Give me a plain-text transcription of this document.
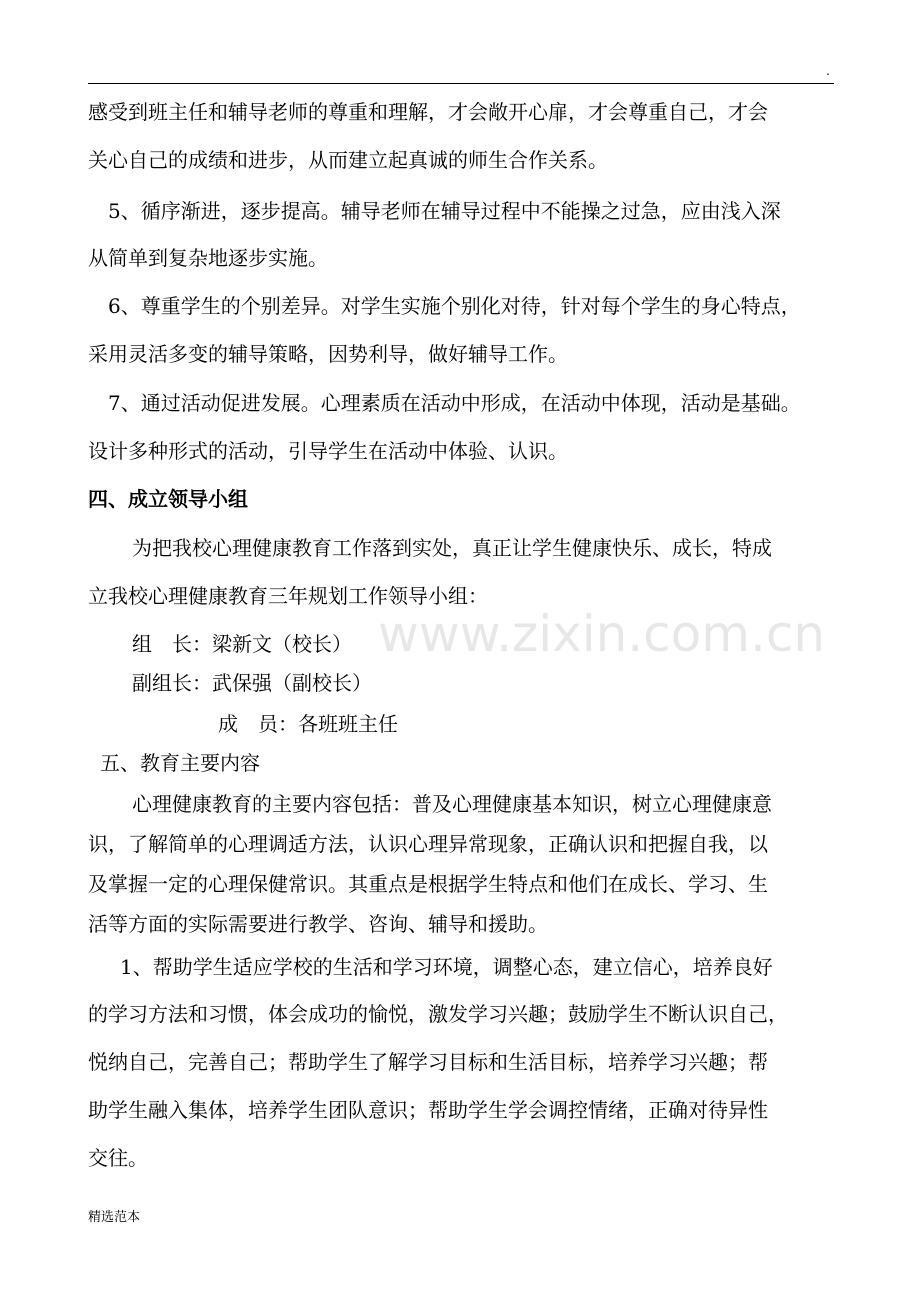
.
感受到班主任和辅导老师的尊重和理解，才会敞开心扉，才会尊重自己，才会
关心自己的成绩和进步，从而建立起真诚的师生合作关系。
5、循序渐进，逐步提高。辅导老师在辅导过程中不能操之过急，应由浅入深
从简单到复杂地逐步实施。
6、尊重学生的个别差异。对学生实施个别化对待，针对每个学生的身心特点，
采用灵活多变的辅导策略，因势利导，做好辅导工作。
7、通过活动促进发展。心理素质在活动中形成，在活动中体现，活动是基础。
设计多种形式的活动，引导学生在活动中体验、认识。
四、成立领导小组
为把我校心理健康教育工作落到实处，真正让学生健康快乐、成长，特成
立我校心理健康教育三年规划工作领导小组：
组　长：梁新文（校长）
副组长：武保强（副校长）
成　员：各班班主任
五、教育主要内容
心理健康教育的主要内容包括：普及心理健康基本知识，树立心理健康意
识，了解简单的心理调适方法，认识心理异常现象，正确认识和把握自我，以
及掌握一定的心理保健常识。其重点是根据学生特点和他们在成长、学习、生
活等方面的实际需要进行教学、咨询、辅导和援助。
1、帮助学生适应学校的生活和学习环境，调整心态，建立信心，培养良好
的学习方法和习惯，体会成功的愉悦，激发学习兴趣；鼓励学生不断认识自己，
悦纳自己，完善自己；帮助学生了解学习目标和生活目标，培养学习兴趣；帮
助学生融入集体，培养学生团队意识；帮助学生学会调控情绪，正确对待异性
交往。
www.zixin.com.cn
精选范本
